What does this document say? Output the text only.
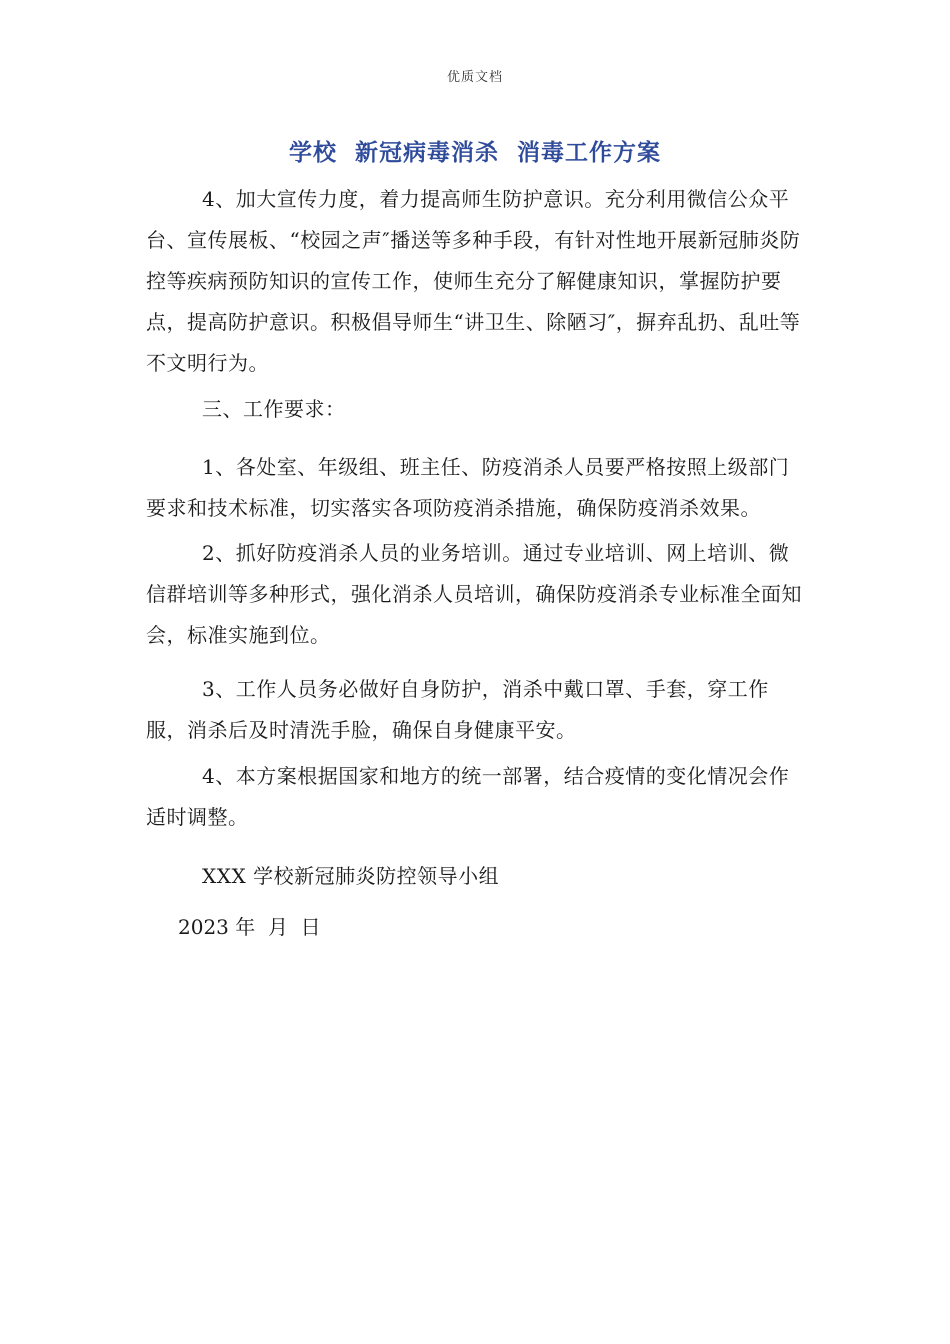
优质文档
学校  新冠病毒消杀  消毒工作方案

4、加大宣传力度，着力提高师生防护意识。充分利用微信公众平台、宣传展板、“校园之声″播送等多种手段，有针对性地开展新冠肺炎防控等疾病预防知识的宣传工作，使师生充分了解健康知识，掌握防护要点，提高防护意识。积极倡导师生“讲卫生、除陋习″，摒弃乱扔、乱吐等不文明行为。

三、工作要求：

1、各处室、年级组、班主任、防疫消杀人员要严格按照上级部门要求和技术标准，切实落实各项防疫消杀措施，确保防疫消杀效果。

2、抓好防疫消杀人员的业务培训。通过专业培训、网上培训、微信群培训等多种形式，强化消杀人员培训，确保防疫消杀专业标准全面知会，标准实施到位。

3、工作人员务必做好自身防护，消杀中戴口罩、手套，穿工作服，消杀后及时清洗手脸，确保自身健康平安。

4、本方案根据国家和地方的统一部署，结合疫情的变化情况会作适时调整。

XXX 学校新冠肺炎防控领导小组
2023 年  月  日
